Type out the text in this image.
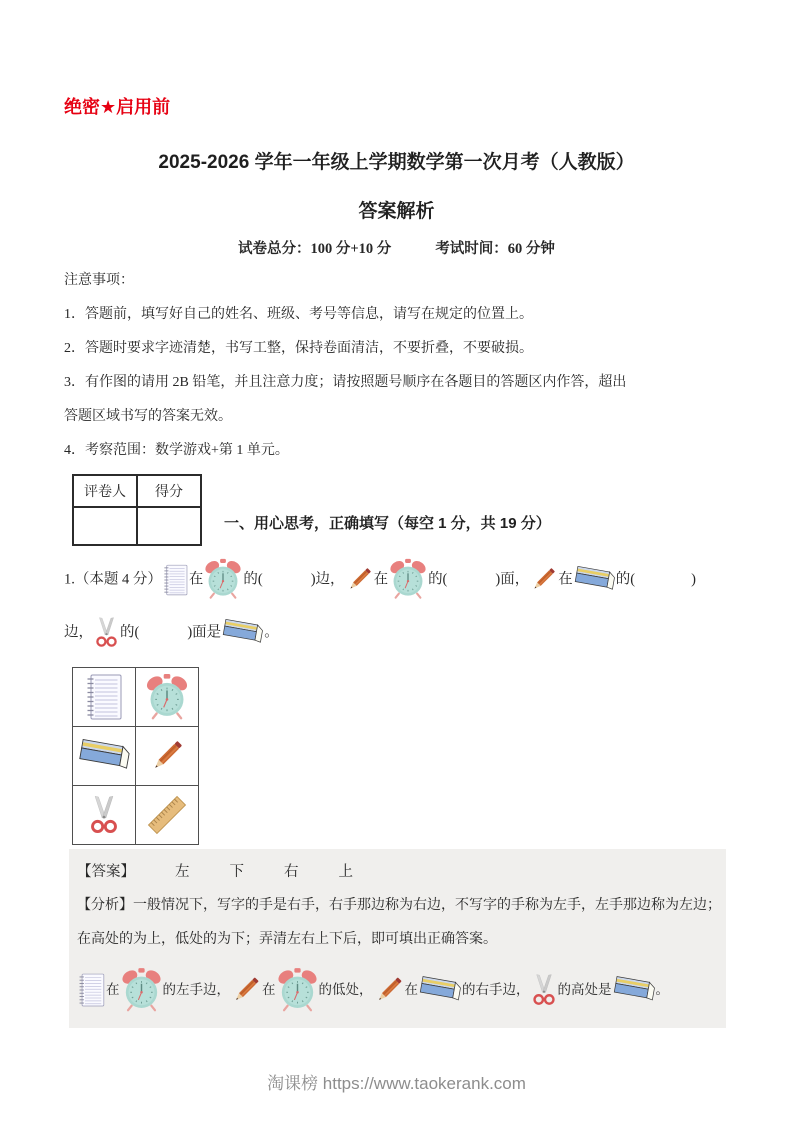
绝密★启用前
2025-2026 学年一年级上学期数学第一次月考（人教版）
答案解析
试卷总分：100 分+10 分	考试时间：60 分钟

注意事项：

1．答题前，填写好自己的姓名、班级、考号等信息，请写在规定的位置上。

2．答题时要求字迹清楚，书写工整，保持卷面清洁，不要折叠，不要破损。

3．有作图的请用 2B 铅笔，并且注意力度；请按照题号顺序在各题目的答题区内作答，超出

答题区域书写的答案无效。

4．考察范围：数学游戏+第 1 单元。

评卷人	得分

一、用心思考，正确填写（每空 1 分，共 19 分）
1.（本题 4 分） 在	的(	)边， 在	的(	)面， 在	的(	)
边， 的(	)面是	。

【答案】	左	下	右	上

【分析】一般情况下，写字的手是右手，右手那边称为右边，不写字的手称为左手，左手那边称为左边；

在高处的为上，低处的为下；弄清左右上下后，即可填出正确答案。

在	的左手边， 在	的低处， 在	的右手边， 的高处是	。
淘课榜 https://www.taokerank.com
